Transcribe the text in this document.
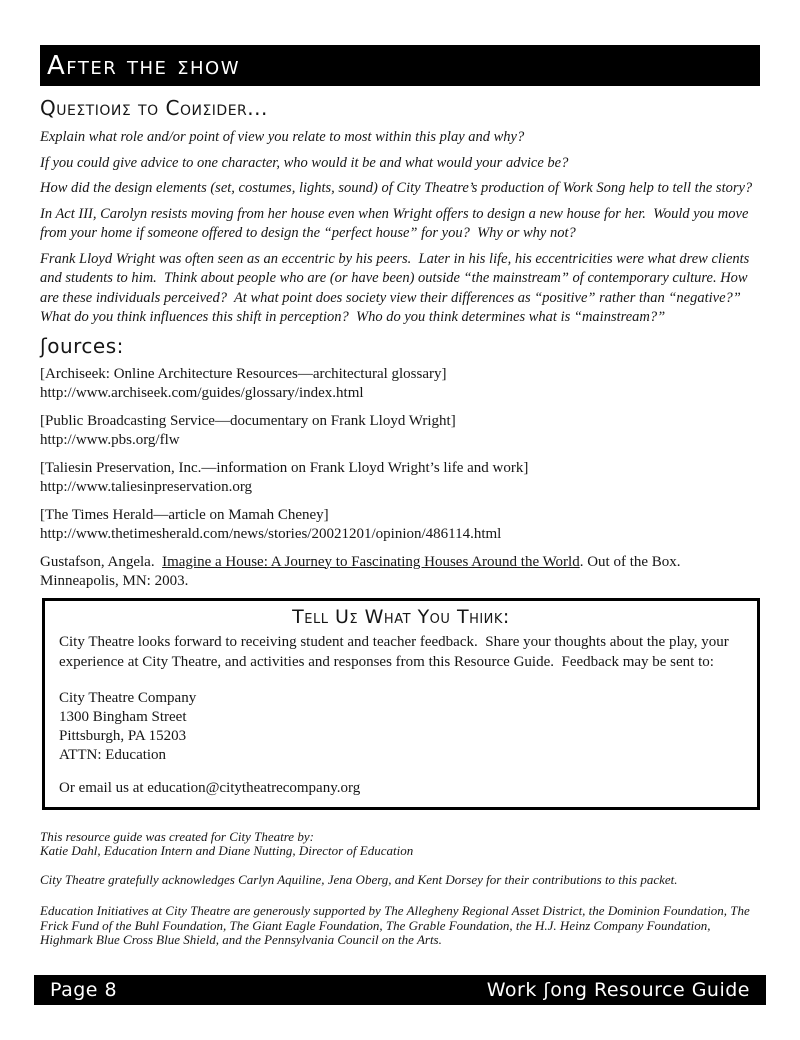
After the ʃhow
Queʃtioиʃ to Coиʃider...

Explain what role and/or point of view you relate to most within this play and why?

If you could give advice to one character, who would it be and what would your advice be?

How did the design elements (set, costumes, lights, sound) of City Theatre’s production of Work Song help to tell the story?

In Act III, Carolyn resists moving from her house even when Wright offers to design a new house for her.  Would you move from your home if someone offered to design the “perfect house” for you?  Why or why not?

Frank Lloyd Wright was often seen as an eccentric by his peers.  Later in his life, his eccentricities were what drew clients and students to him.  Think about people who are (or have been) outside “the mainstream” of contemporary culture. How are these individuals perceived?  At what point does society view their differences as “positive” rather than “negative?”  What do you think influences this shift in perception?  Who do you think determines what is “mainstream?”

ʃources:

[Archiseek: Online Architecture Resources—architectural glossary]

http://www.archiseek.com/guides/glossary/index.html

[Public Broadcasting Service—documentary on Frank Lloyd Wright]

http://www.pbs.org/flw

[Taliesin Preservation, Inc.—information on Frank Lloyd Wright’s life and work]

http://www.taliesinpreservation.org

[The Times Herald—article on Mamah Cheney]

http://www.thetimesherald.com/news/stories/20021201/opinion/486114.html

Gustafson, Angela.  Imagine a House: A Journey to Fascinating Houses Around the World. Out of the Box. Minneapolis, MN: 2003.

Tell Uʃ What You Thiиk:

City Theatre looks forward to receiving student and teacher feedback.  Share your thoughts about the play, your experience at City Theatre, and activities and responses from this Resource Guide.  Feedback may be sent to:

City Theatre Company

1300 Bingham Street

Pittsburgh, PA 15203

ATTN: Education

Or email us at education@citytheatrecompany.org

This resource guide was created for City Theatre by:

Katie Dahl, Education Intern and Diane Nutting, Director of Education

City Theatre gratefully acknowledges Carlyn Aquiline, Jena Oberg, and Kent Dorsey for their contributions to this packet.

Education Initiatives at City Theatre are generously supported by The Allegheny Regional Asset District, the Dominion Foundation, The Frick Fund of the Buhl Foundation, The Giant Eagle Foundation, The Grable Foundation, the H.J. Heinz Company Foundation,  Highmark Blue Cross Blue Shield, and the Pennsylvania Council on the Arts.

Page 8	Work ʃong Resource Guide
